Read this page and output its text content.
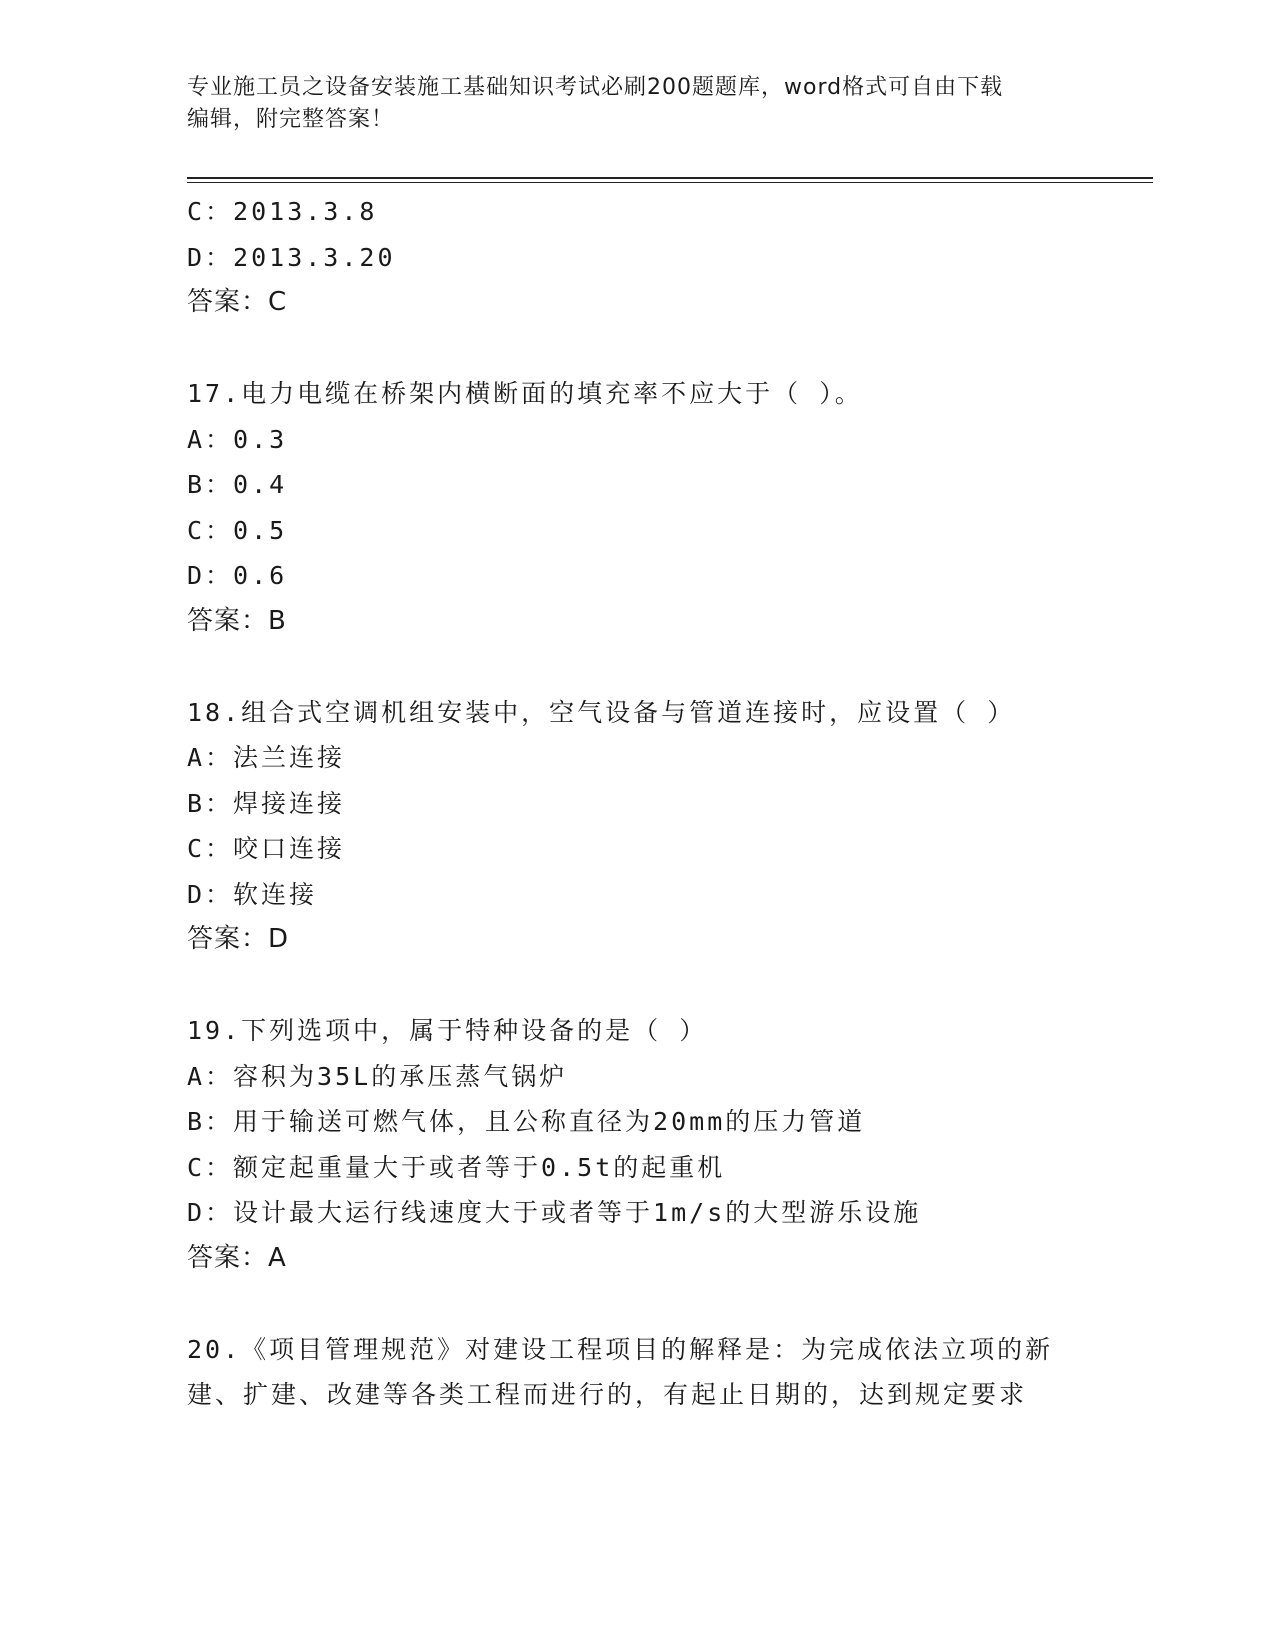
专业施工员之设备安装施工基础知识考试必刷200题题库，word格式可自由下载
编辑，附完整答案！
C：2013.3.8
D：2013.3.20
答案：C
17.电力电缆在桥架内横断面的填充率不应大于（ ）。
A：0.3
B：0.4
C：0.5
D：0.6
答案：B
18.组合式空调机组安装中，空气设备与管道连接时，应设置（ ）
A：法兰连接
B：焊接连接
C：咬口连接
D：软连接
答案：D
19.下列选项中，属于特种设备的是（ ）
A：容积为35L的承压蒸气锅炉
B：用于输送可燃气体，且公称直径为20mm的压力管道
C：额定起重量大于或者等于0.5t的起重机
D：设计最大运行线速度大于或者等于1m/s的大型游乐设施
答案：A
20.《项目管理规范》对建设工程项目的解释是：为完成依法立项的新
建、扩建、改建等各类工程而进行的，有起止日期的，达到规定要求
